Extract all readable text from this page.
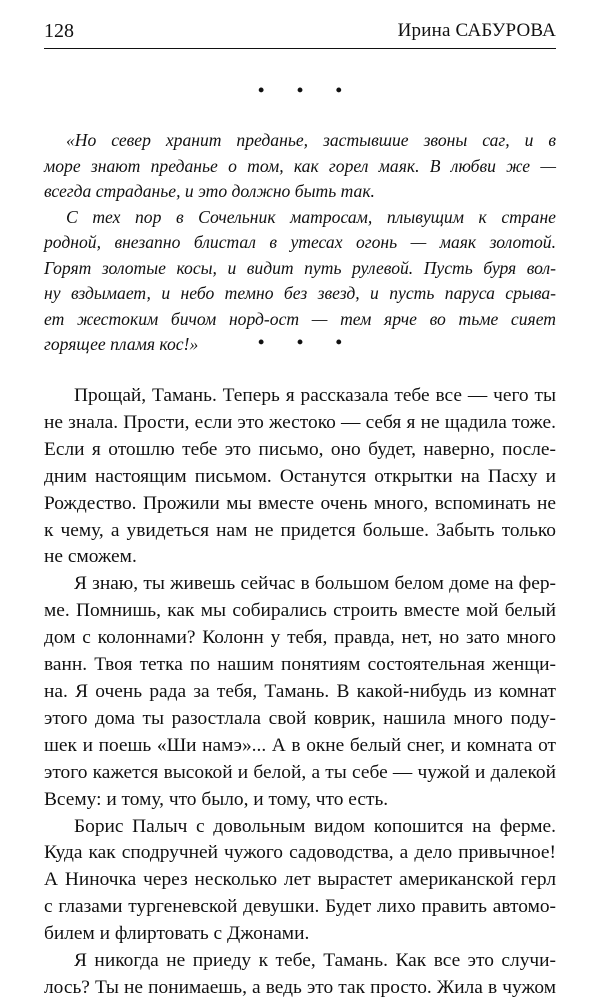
128	Ирина САБУРОВА
• • •
«Но север хранит преданье, застывшие звоны саг, и в
море знают преданье о том, как горел маяк. В любви же —
всегда страданье, и это должно быть так.
С тех пор в Сочельник матросам, плывущим к стране
родной, внезапно блистал в утесах огонь — маяк золотой.
Горят золотые косы, и видит путь рулевой. Пусть буря вол-
ну вздымает, и небо темно без звезд, и пусть паруса срыва-
ет жестоким бичом норд-ост — тем ярче во тьме сияет
горящее пламя кос!»	• • •
Прощай, Тамань. Теперь я рассказала тебе все — чего ты
не знала. Прости, если это жестоко — себя я не щадила тоже.
Если я отошлю тебе это письмо, оно будет, наверно, после-
дним настоящим письмом. Останутся открытки на Пасху и
Рождество. Прожили мы вместе очень много, вспоминать не
к чему, а увидеться нам не придется больше. Забыть только
не сможем.
Я знаю, ты живешь сейчас в большом белом доме на фер-
ме. Помнишь, как мы собирались строить вместе мой белый
дом с колоннами? Колонн у тебя, правда, нет, но зато много
ванн. Твоя тетка по нашим понятиям состоятельная женщи-
на. Я очень рада за тебя, Тамань. В какой-нибудь из комнат
этого дома ты разостлала свой коврик, нашила много поду-
шек и поешь «Ши намэ»... А в окне белый снег, и комната от
этого кажется высокой и белой, а ты себе — чужой и далекой
Всему: и тому, что было, и тому, что есть.
Борис Палыч с довольным видом копошится на ферме.
Куда как сподручней чужого садоводства, а дело привычное!
А Ниночка через несколько лет вырастет американской герл
с глазами тургеневской девушки. Будет лихо править автомо-
билем и флиртовать с Джонами.
Я никогда не приеду к тебе, Тамань. Как все это случи-
лось? Ты не понимаешь, а ведь это так просто. Жила в чужом
